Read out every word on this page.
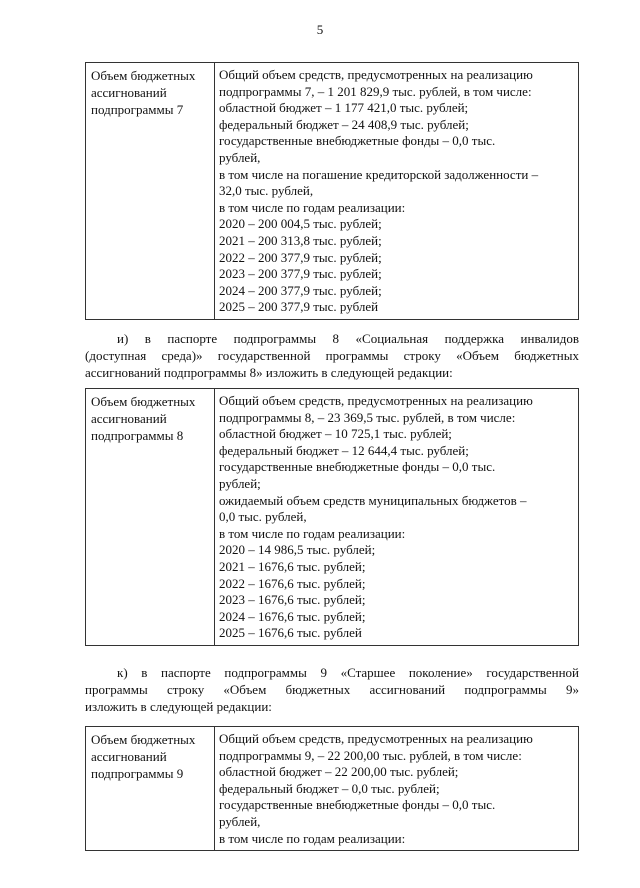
5
Объем бюджетных
ассигнований
подпрограммы 7
Общий объем средств, предусмотренных на реализацию
подпрограммы 7, – 1 201 829,9 тыс. рублей, в том числе:
областной бюджет – 1 177 421,0 тыс. рублей;
федеральный бюджет – 24 408,9 тыс. рублей;
государственные внебюджетные фонды – 0,0 тыс.
рублей,
в том числе на погашение кредиторской задолженности –
32,0 тыс. рублей,
в том числе по годам реализации:
2020 – 200 004,5 тыс. рублей;
2021 – 200 313,8 тыс. рублей;
2022 – 200 377,9 тыс. рублей;
2023 – 200 377,9 тыс. рублей;
2024 – 200 377,9 тыс. рублей;
2025 – 200 377,9 тыс. рублей
и) в паспорте подпрограммы 8 «Социальная поддержка инвалидов
(доступная среда)» государственной программы строку «Объем бюджетных
ассигнований подпрограммы 8» изложить в следующей редакции:
Объем бюджетных
ассигнований
подпрограммы 8
Общий объем средств, предусмотренных на реализацию
подпрограммы 8, – 23 369,5 тыс. рублей, в том числе:
областной бюджет – 10 725,1 тыс. рублей;
федеральный бюджет – 12 644,4 тыс. рублей;
государственные внебюджетные фонды – 0,0 тыс.
рублей;
ожидаемый объем средств муниципальных бюджетов –
0,0 тыс. рублей,
в том числе по годам реализации:
2020 – 14 986,5 тыс. рублей;
2021 – 1676,6 тыс. рублей;
2022 – 1676,6 тыс. рублей;
2023 – 1676,6 тыс. рублей;
2024 – 1676,6 тыс. рублей;
2025 – 1676,6 тыс. рублей
к) в паспорте подпрограммы 9 «Старшее поколение» государственной
программы строку «Объем бюджетных ассигнований подпрограммы 9»
изложить в следующей редакции:
Объем бюджетных
ассигнований
подпрограммы 9
Общий объем средств, предусмотренных на реализацию
подпрограммы 9, – 22 200,00 тыс. рублей, в том числе:
областной бюджет – 22 200,00 тыс. рублей;
федеральный бюджет – 0,0 тыс. рублей;
государственные внебюджетные фонды – 0,0 тыс.
рублей,
в том числе по годам реализации:
